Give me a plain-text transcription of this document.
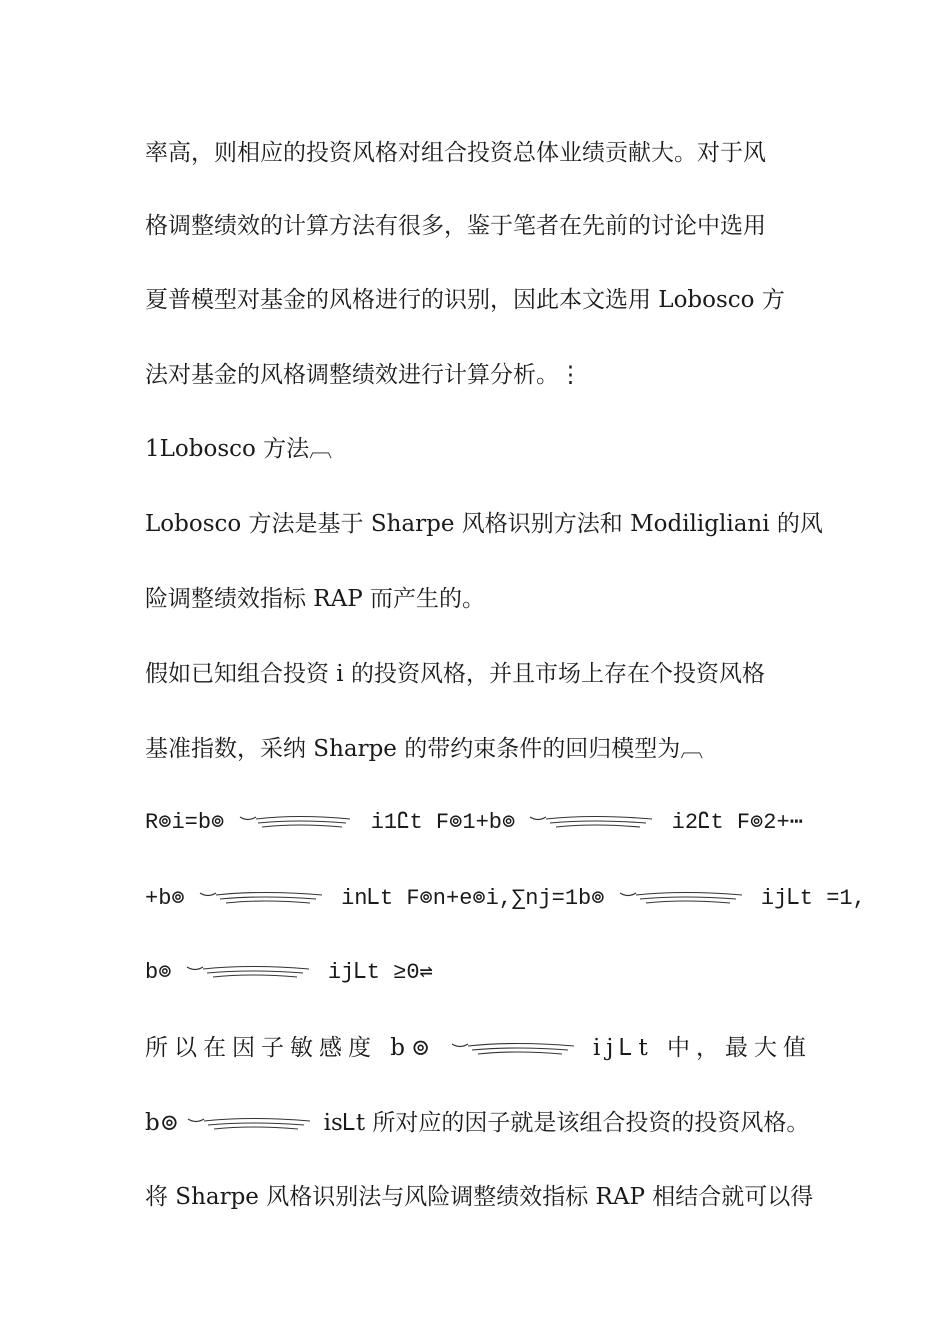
率高，则相应的投资风格对组合投资总体业绩贡献大。对于风
格调整绩效的计算方法有很多，鉴于笔者在先前的讨论中选用
夏普模型对基金的风格进行的识别，因此本文选用 Lobosco 方
法对基金的风格调整绩效进行计算分析。⋮
1Lobosco 方法︹
Lobosco 方法是基于 Sharpe 风格识别方法和 Modiligliani 的风
险调整绩效指标 RAP 而产生的。
假如已知组合投资 i 的投资风格，并且市场上存在个投资风格
基准指数，采纳 Sharpe 的带约束条件的回归模型为︹
R⊚i=b⊚	i1Ꮭt F⊚1+b⊚	i2Ꮭt F⊚2+⋯
+b⊚	inᏞt F⊚n+e⊚i,∑nj=1b⊚	ijᏞt =1,
b⊚	ijᏞt ≥0⇌
所以在因子敏感度 b⊚	ijᏞt 中，最大值
b⊚	isᏞt 所对应的因子就是该组合投资的投资风格。
将 Sharpe 风格识别法与风险调整绩效指标 RAP 相结合就可以得
